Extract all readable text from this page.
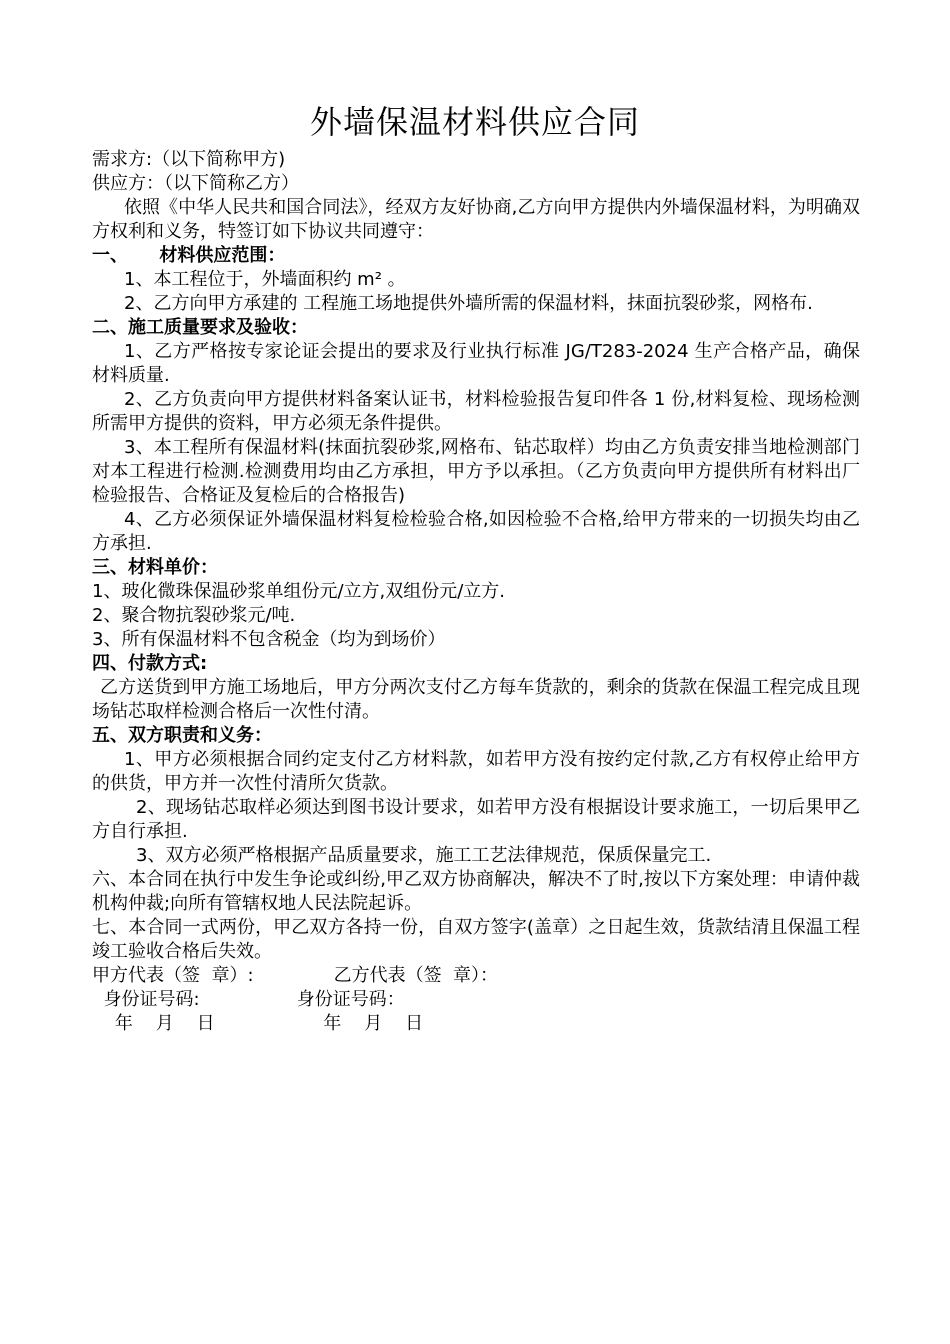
外墙保温材料供应合同

需求方:（以下简称甲方)

供应方：（以下简称乙方）

依照《中华人民共和国合同法》，经双方友好协商,乙方向甲方提供内外墙保温材料，为明确双方权利和义务，特签订如下协议共同遵守：

一、     材料供应范围：

1、本工程位于，外墙面积约 m² 。

2、乙方向甲方承建的 工程施工场地提供外墙所需的保温材料，抹面抗裂砂浆，网格布.

二、施工质量要求及验收：

1、乙方严格按专家论证会提出的要求及行业执行标准 JG/T283-2024 生产合格产品，确保材料质量.

2、乙方负责向甲方提供材料备案认证书，材料检验报告复印件各 1 份,材料复检、现场检测所需甲方提供的资料，甲方必须无条件提供。

3、本工程所有保温材料(抹面抗裂砂浆,网格布、钻芯取样）均由乙方负责安排当地检测部门对本工程进行检测.检测费用均由乙方承担，甲方予以承担。（乙方负责向甲方提供所有材料出厂检验报告、合格证及复检后的合格报告)

4、乙方必须保证外墙保温材料复检检验合格,如因检验不合格,给甲方带来的一切损失均由乙方承担.

三、材料单价：

1、玻化微珠保温砂浆单组份元/立方,双组份元/立方.

2、聚合物抗裂砂浆元/吨.

3、所有保温材料不包含税金（均为到场价）

四、付款方式:

乙方送货到甲方施工场地后，甲方分两次支付乙方每车货款的，剩余的货款在保温工程完成且现场钻芯取样检测合格后一次性付清。

五、双方职责和义务：

1、甲方必须根据合同约定支付乙方材料款，如若甲方没有按约定付款,乙方有权停止给甲方的供货，甲方并一次性付清所欠货款。

2、现场钻芯取样必须达到图书设计要求，如若甲方没有根据设计要求施工，一切后果甲乙方自行承担.

3、双方必须严格根据产品质量要求，施工工艺法律规范，保质保量完工.

六、本合同在执行中发生争论或纠纷,甲乙双方协商解决，解决不了时,按以下方案处理：申请仲裁机构仲裁;向所有管辖权地人民法院起诉。

七、本合同一式两份，甲乙双方各持一份，自双方签字(盖章）之日起生效，货款结清且保温工程竣工验收合格后失效。

甲方代表（签  章）:              乙方代表（签  章）：

身份证号码:                 身份证号码：

年    月    日                   年    月    日
